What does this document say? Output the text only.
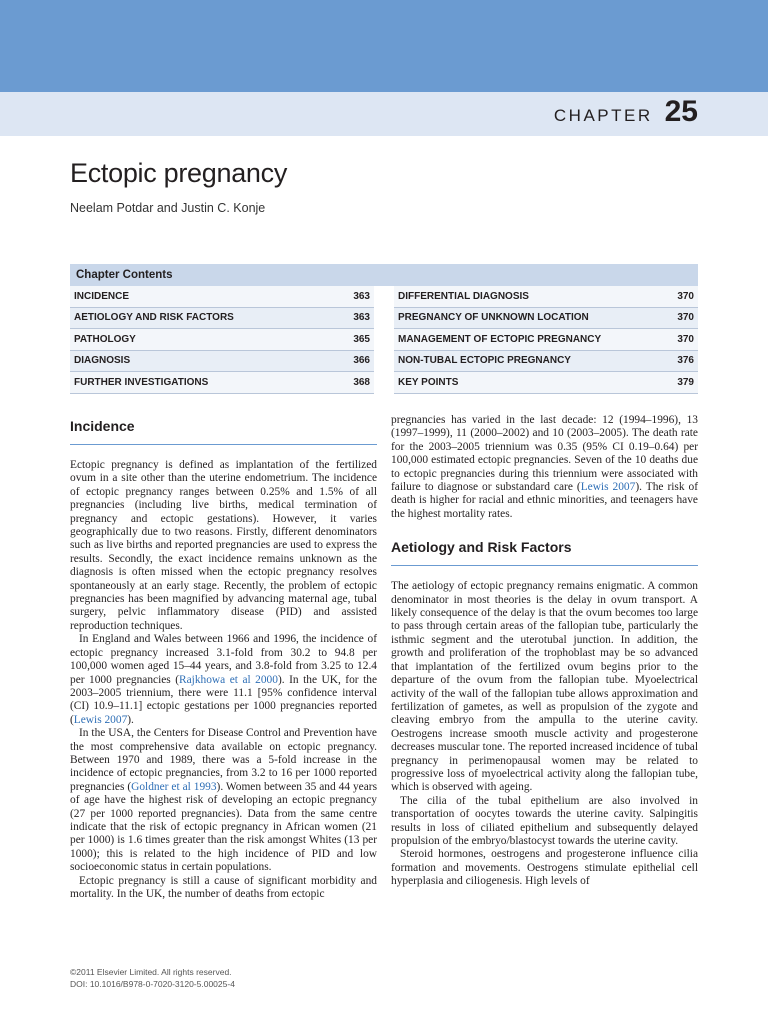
CHAPTER 25
Ectopic pregnancy
Neelam Potdar and Justin C. Konje
Chapter Contents
INCIDENCE	363
AETIOLOGY AND RISK FACTORS	363
PATHOLOGY	365
DIAGNOSIS	366
FURTHER INVESTIGATIONS	368
DIFFERENTIAL DIAGNOSIS	370
PREGNANCY OF UNKNOWN LOCATION	370
MANAGEMENT OF ECTOPIC PREGNANCY	370
NON-TUBAL ECTOPIC PREGNANCY	376
KEY POINTS	379
Incidence

Ectopic pregnancy is defined as implantation of the fertilized ovum in a site other than the uterine endometrium. The incidence of ectopic pregnancy ranges between 0.25% and 1.5% of all pregnancies (including live births, medical termination of pregnancy and ectopic gestations). However, it varies geographically due to two reasons. Firstly, different denominators such as live births and reported pregnancies are used to express the results. Secondly, the exact incidence remains unknown as the diagnosis is often missed when the ectopic pregnancy resolves spontaneously at an early stage. Recently, the problem of ectopic pregnancies has been magnified by advancing maternal age, tubal surgery, pelvic inflammatory disease (PID) and assisted reproduction techniques.

In England and Wales between 1966 and 1996, the incidence of ectopic pregnancy increased 3.1-fold from 30.2 to 94.8 per 100,000 women aged 15–44 years, and 3.8-fold from 3.25 to 12.4 per 1000 pregnancies (Rajkhowa et al 2000). In the UK, for the 2003–2005 triennium, there were 11.1 [95% confidence interval (CI) 10.9–11.1] ectopic gestations per 1000 pregnancies reported (Lewis 2007).

In the USA, the Centers for Disease Control and Prevention have the most comprehensive data available on ectopic pregnancy. Between 1970 and 1989, there was a 5-fold increase in the incidence of ectopic pregnancies, from 3.2 to 16 per 1000 reported pregnancies (Goldner et al 1993). Women between 35 and 44 years of age have the highest risk of developing an ectopic pregnancy (27 per 1000 reported pregnancies). Data from the same centre indicate that the risk of ectopic pregnancy in African women (21 per 1000) is 1.6 times greater than the risk amongst Whites (13 per 1000); this is related to the high incidence of PID and low socioeconomic status in certain populations.

Ectopic pregnancy is still a cause of significant morbidity and mortality. In the UK, the number of deaths from ectopic

pregnancies has varied in the last decade: 12 (1994–1996), 13 (1997–1999), 11 (2000–2002) and 10 (2003–2005). The death rate for the 2003–2005 triennium was 0.35 (95% CI 0.19–0.64) per 100,000 estimated ectopic pregnancies. Seven of the 10 deaths due to ectopic pregnancies during this triennium were associated with failure to diagnose or substandard care (Lewis 2007). The risk of death is higher for racial and ethnic minorities, and teenagers have the highest mortality rates.

Aetiology and Risk Factors

The aetiology of ectopic pregnancy remains enigmatic. A common denominator in most theories is the delay in ovum transport. A likely consequence of the delay is that the ovum becomes too large to pass through certain areas of the fallopian tube, particularly the isthmic segment and the uterotubal junction. In addition, the growth and proliferation of the trophoblast may be so advanced that implantation of the fertilized ovum begins prior to the departure of the ovum from the fallopian tube. Myoelectrical activity of the wall of the fallopian tube allows approximation and fertilization of gametes, as well as propulsion of the zygote and cleaving embryo from the ampulla to the uterine cavity. Oestrogens increase smooth muscle activity and progesterone decreases muscular tone. The reported increased incidence of tubal pregnancy in perimenopausal women may be related to progressive loss of myoelectrical activity along the fallopian tube, which is observed with ageing.

The cilia of the tubal epithelium are also involved in transportation of oocytes towards the uterine cavity. Salpingitis results in loss of ciliated epithelium and subsequently delayed propulsion of the embryo/blastocyst towards the uterine cavity.

Steroid hormones, oestrogens and progesterone influence cilia formation and movements. Oestrogens stimulate epithelial cell hyperplasia and ciliogenesis. High levels of

©2011 Elsevier Limited. All rights reserved.
DOI: 10.1016/B978-0-7020-3120-5.00025-4
